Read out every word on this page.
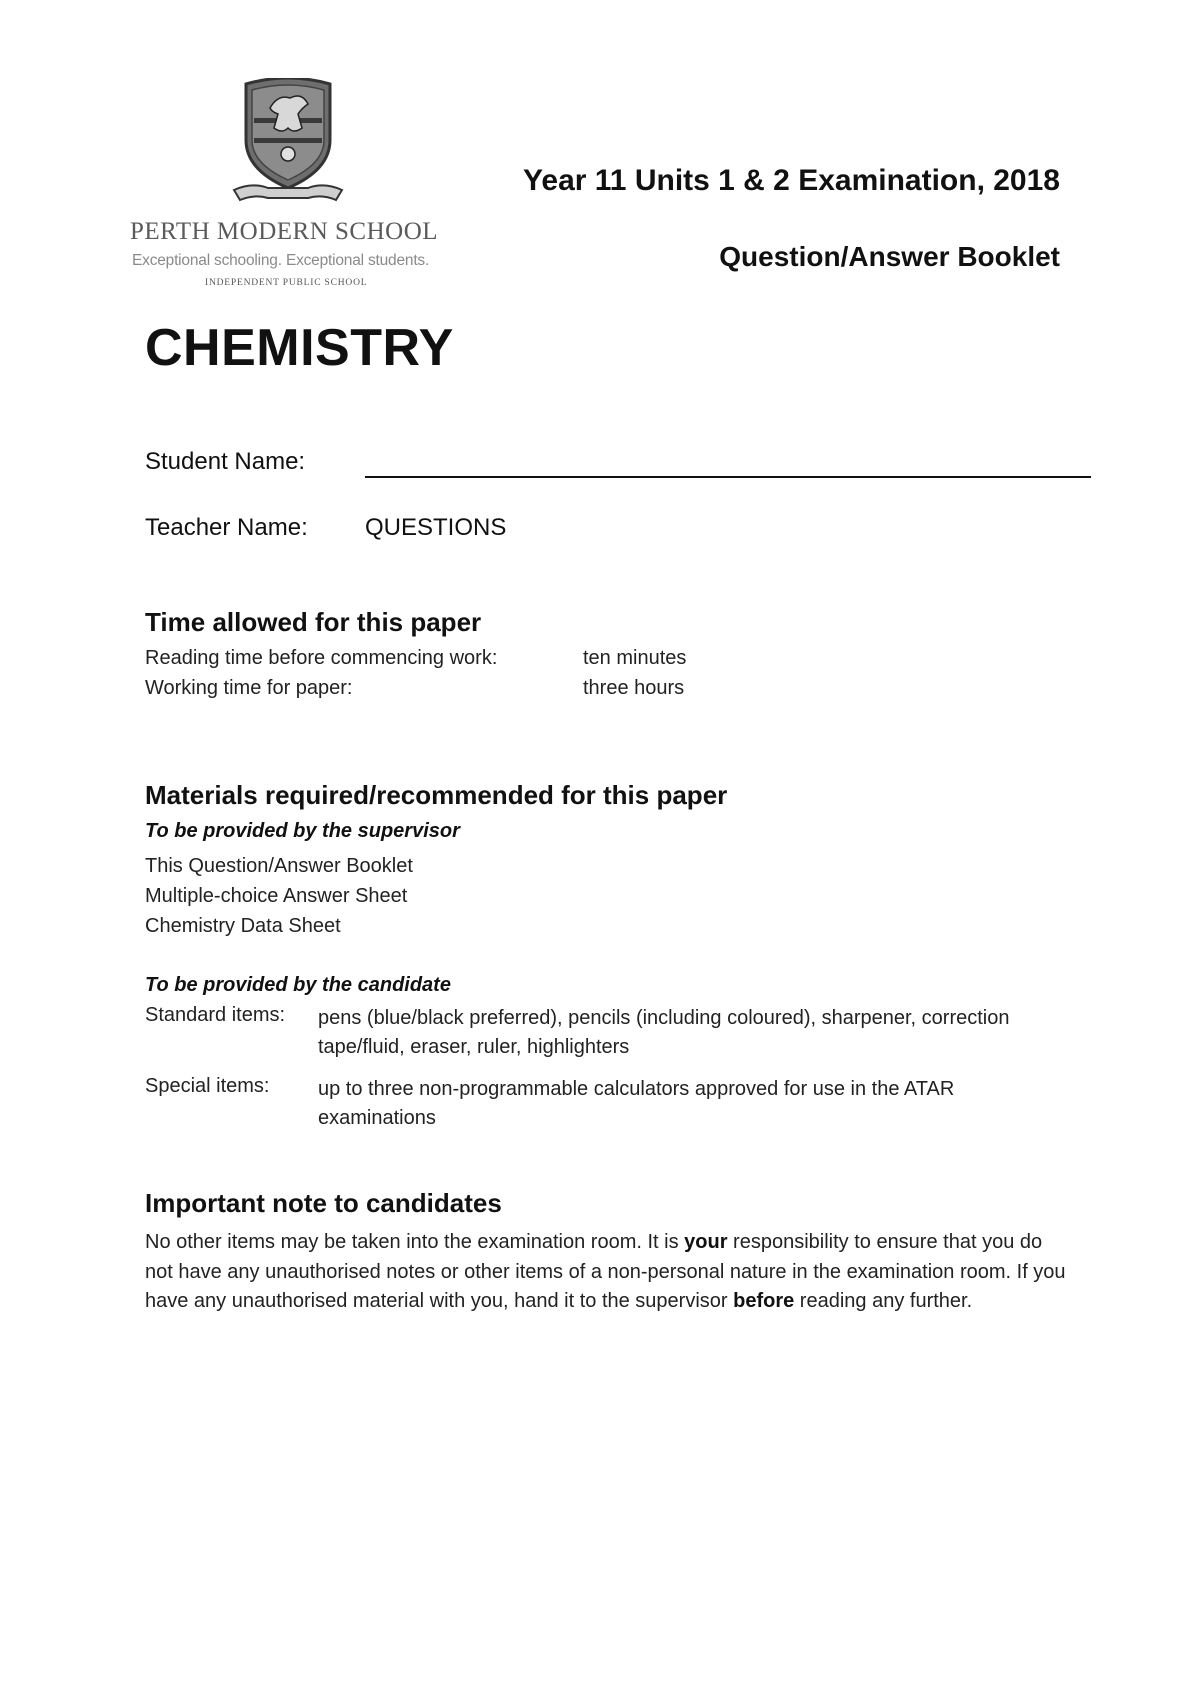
PERTH MODERN SCHOOL
Exceptional schooling. Exceptional students.
INDEPENDENT PUBLIC SCHOOL
Year 11 Units 1 & 2 Examination, 2018
Question/Answer Booklet
CHEMISTRY
Student Name:
Teacher Name: QUESTIONS
Time allowed for this paper
Reading time before commencing work:	ten minutes
Working time for paper:	three hours
Materials required/recommended for this paper
To be provided by the supervisor
This Question/Answer Booklet
Multiple-choice Answer Sheet
Chemistry Data Sheet
To be provided by the candidate
Standard items: pens (blue/black preferred), pencils (including coloured), sharpener, correction tape/fluid, eraser, ruler, highlighters
Special items: up to three non-programmable calculators approved for use in the ATAR examinations
Important note to candidates
No other items may be taken into the examination room. It is your responsibility to ensure that you do not have any unauthorised notes or other items of a non-personal nature in the examination room. If you have any unauthorised material with you, hand it to the supervisor before reading any further.
